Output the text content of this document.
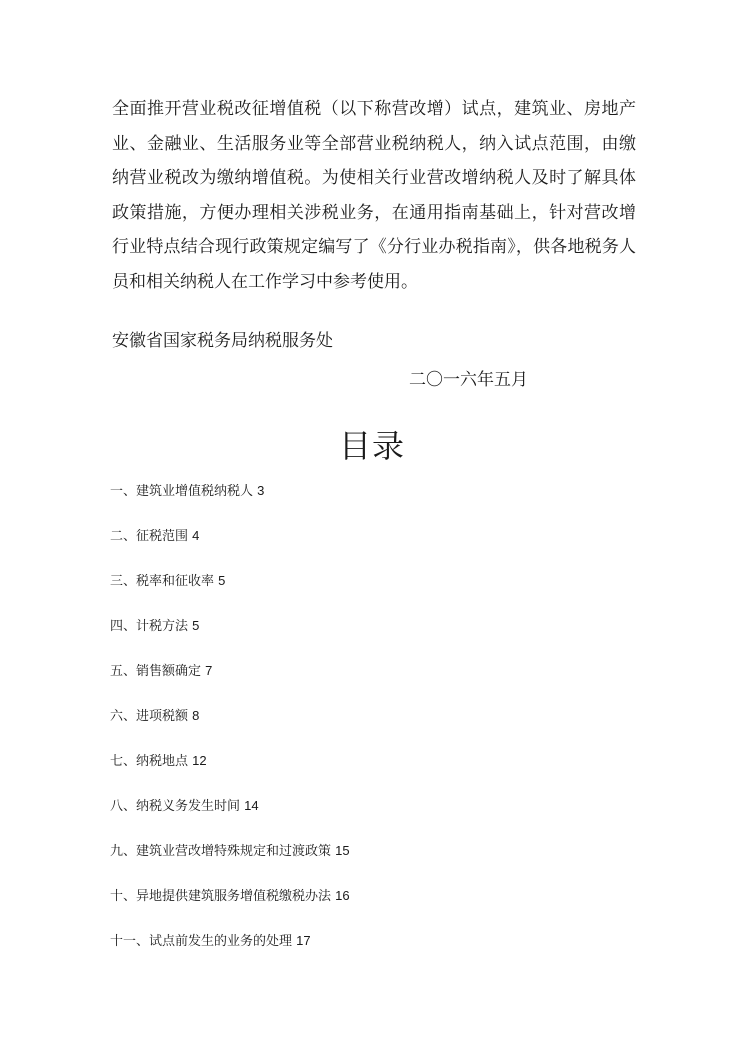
全面推开营业税改征增值税（以下称营改增）试点，建筑业、房地产业、金融业、生活服务业等全部营业税纳税人，纳入试点范围，由缴纳营业税改为缴纳增值税。为使相关行业营改增纳税人及时了解具体政策措施，方便办理相关涉税业务，在通用指南基础上，针对营改增行业特点结合现行政策规定编写了《分行业办税指南》，供各地税务人员和相关纳税人在工作学习中参考使用。

安徽省国家税务局纳税服务处

二〇一六年五月

目录
一、建筑业增值税纳税人 3
二、征税范围 4
三、税率和征收率 5
四、计税方法 5
五、销售额确定 7
六、进项税额 8
七、纳税地点 12
八、纳税义务发生时间 14
九、建筑业营改增特殊规定和过渡政策 15
十、异地提供建筑服务增值税缴税办法 16
十一、试点前发生的业务的处理 17
